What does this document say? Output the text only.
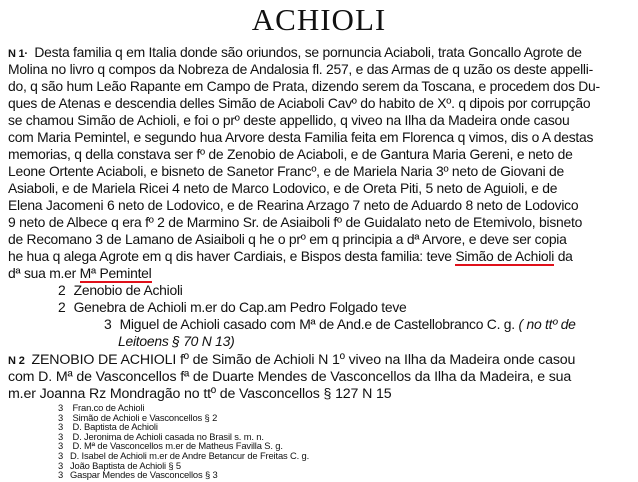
ACHIOLI
N 1· Desta familia q em Italia donde são oriundos, se pornuncia Aciaboli, trata Goncallo Agrote de
Molina no livro q compos da Nobreza de Andalosia fl. 257, e das Armas de q uzão os deste appelli-
do, q são hum Leão Rapante em Campo de Prata, dizendo serem da Toscana, e procedem dos Du-
ques de Atenas e descendia delles Simão de Aciaboli Cavº do habito de Xº. q dipois por corrupção
se chamou Simão de Achioli, e foi o prº deste appellido, q viveo na Ilha da Madeira onde casou
com Maria Pemintel, e segundo hua Arvore desta Familia feita em Florenca q vimos, dis o A destas
memorias, q della constava ser fº de Zenobio de Aciaboli, e de Gantura Maria Gereni, e neto de
Leone Ortente Aciaboli, e bisneto de Sanetor Francº, e de Mariela Naria 3º neto de Giovani de
Asiaboli, e de Mariela Ricei 4 neto de Marco Lodovico, e de Oreta Piti, 5 neto de Aguioli, e de
Elena Jacomeni 6 neto de Lodovico, e de Rearina Arzago 7 neto de Aduardo 8 neto de Lodovico
9 neto de Albece q era fº 2 de Marmino Sr. de Asiaiboli fº de Guidalato neto de Etemivolo, bisneto
de Recomano 3 de Lamano de Asiaiboli q he o prº em q principia a dª Arvore, e deve ser copia
he hua q alega Agrote em q dis haver Cardiais, e Bispos desta familia: teve Simão de Achioli da
dª sua m.er Mª Pemintel
2 Zenobio de Achioli
2 Genebra de Achioli m.er do Cap.am Pedro Folgado teve
3 Miguel de Achioli casado com Mª de And.e de Castellobranco C. g. ( no ttº de
Leitoens § 70 N 13)
N 2 ZENOBIO DE ACHIOLI fº de Simão de Achioli N 1º viveo na Ilha da Madeira onde casou
com D. Mª de Vasconcellos fª de Duarte Mendes de Vasconcellos da Ilha da Madeira, e sua
m.er Joanna Rz Mondragão no ttº de Vasconcellos § 127 N 15
3 Fran.co de Achioli
3 Simão de Achioli e Vasconcellos § 2
3 D. Baptista de Achioli
3 D. Jeronima de Achioli casada no Brasil s. m. n.
3 D. Mª de Vasconcellos m.er de Matheus Favilla S. g.
3 D. Isabel de Achioli m.er de Andre Betancur de Freitas C. g.
3 João Baptista de Achioli § 5
3 Gaspar Mendes de Vasconcellos § 3
